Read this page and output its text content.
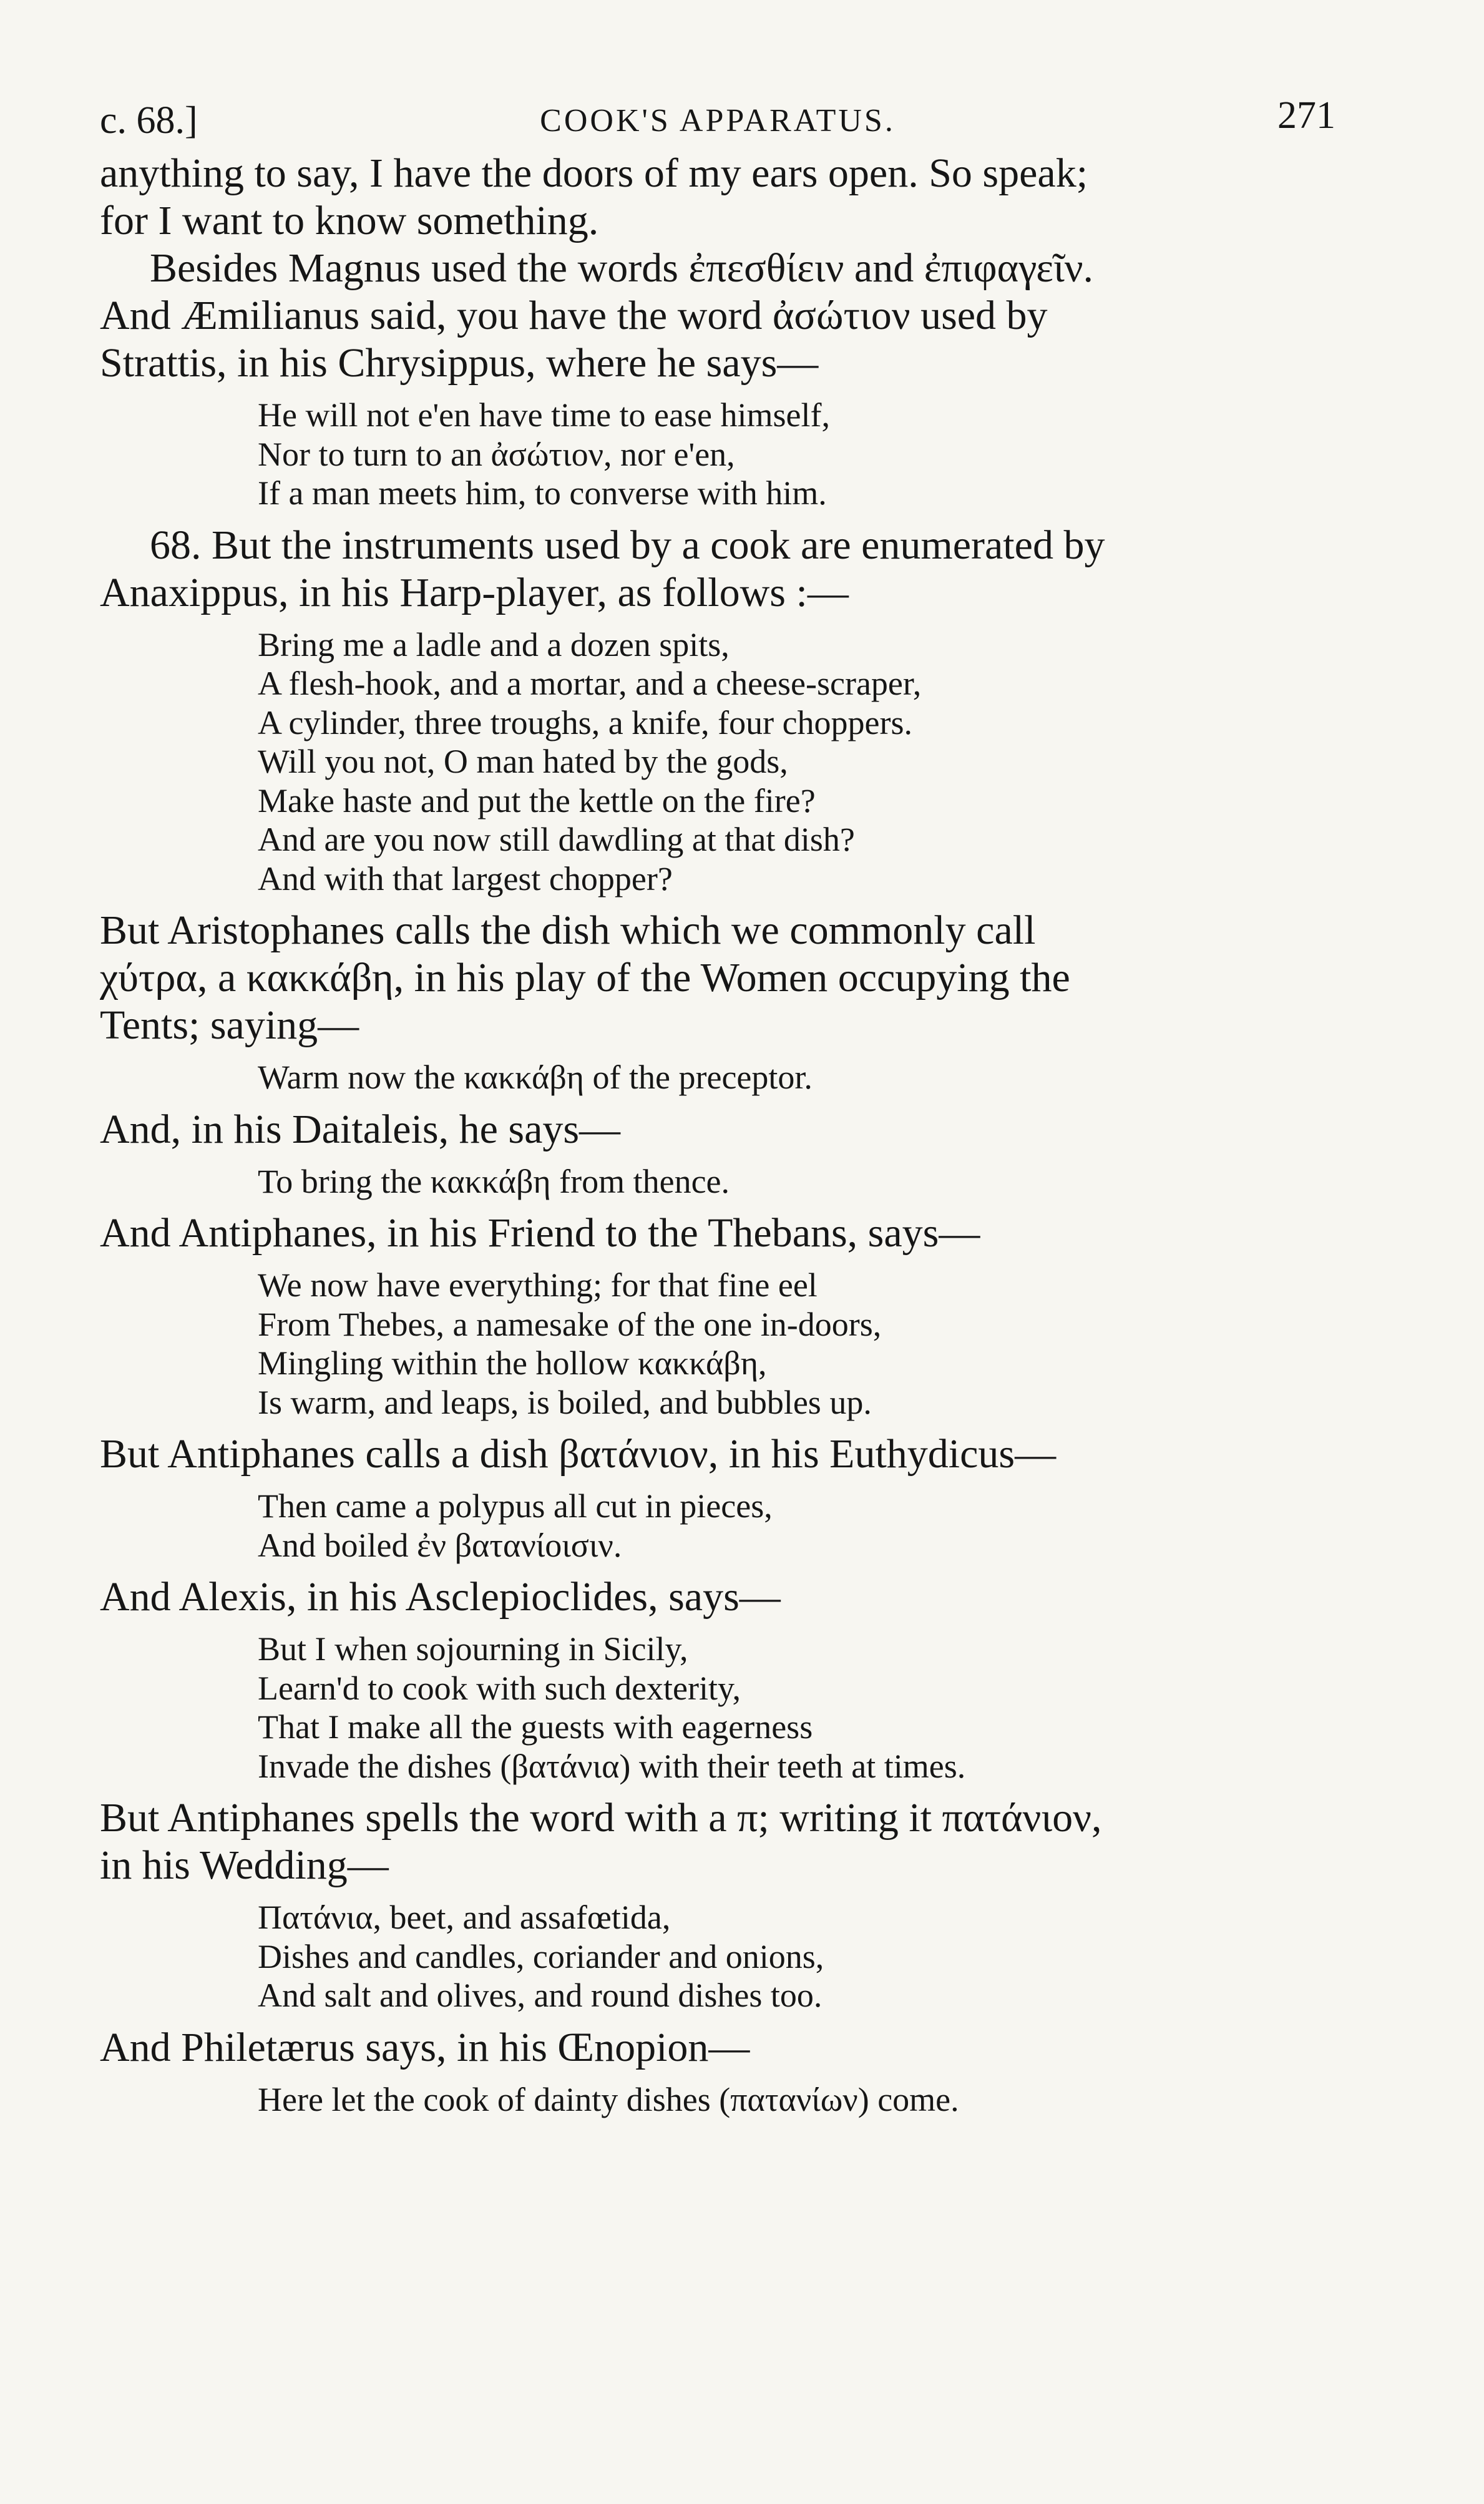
c. 68.]	COOK'S APPARATUS.	271
anything to say, I have the doors of my ears open. So speak;
for I want to know something.
Besides Magnus used the words ἐπεσθίειν and ἐπιφαγεῖν.
And Æmilianus said, you have the word ἀσώτιον used by
Strattis, in his Chrysippus, where he says—
He will not e'en have time to ease himself,
Nor to turn to an ἀσώτιον, nor e'en,
If a man meets him, to converse with him.
68. But the instruments used by a cook are enumerated by
Anaxippus, in his Harp-player, as follows :—
Bring me a ladle and a dozen spits,
A flesh-hook, and a mortar, and a cheese-scraper,
A cylinder, three troughs, a knife, four choppers.
Will you not, O man hated by the gods,
Make haste and put the kettle on the fire?
And are you now still dawdling at that dish?
And with that largest chopper?
But Aristophanes calls the dish which we commonly call
χύτρα, a κακκάβη, in his play of the Women occupying the
Tents; saying—
Warm now the κακκάβη of the preceptor.
And, in his Daitaleis, he says—
To bring the κακκάβη from thence.
And Antiphanes, in his Friend to the Thebans, says—
We now have everything; for that fine eel
From Thebes, a namesake of the one in-doors,
Mingling within the hollow κακκάβη,
Is warm, and leaps, is boiled, and bubbles up.
But Antiphanes calls a dish βατάνιον, in his Euthydicus—
Then came a polypus all cut in pieces,
And boiled ἐν βατανίοισιν.
And Alexis, in his Asclepioclides, says—
But I when sojourning in Sicily,
Learn'd to cook with such dexterity,
That I make all the guests with eagerness
Invade the dishes (βατάνια) with their teeth at times.
But Antiphanes spells the word with a π; writing it πατάνιον,
in his Wedding—
Πατάνια, beet, and assafœtida,
Dishes and candles, coriander and onions,
And salt and olives, and round dishes too.
And Philetærus says, in his Œnopion—
Here let the cook of dainty dishes (πατανίων) come.
